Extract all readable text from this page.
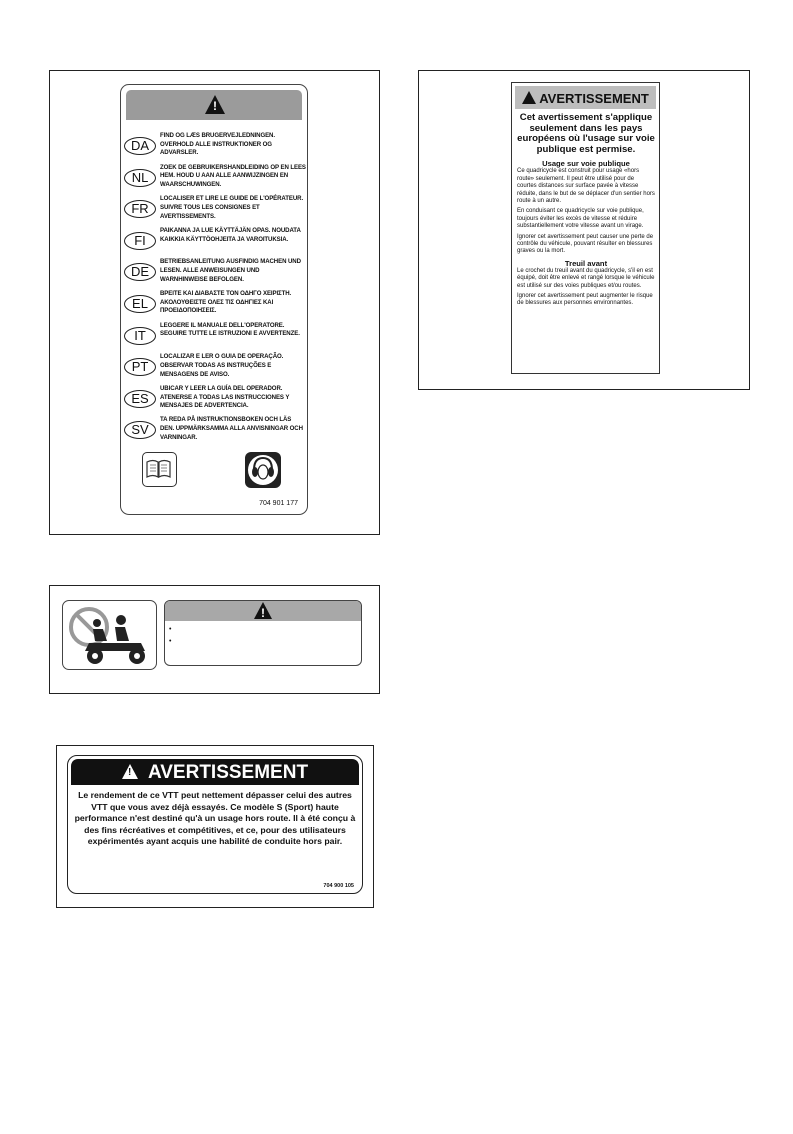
!
DA
FIND OG LÆS BRUGERVEJLEDNINGEN. OVERHOLD ALLE INSTRUKTIONER OG ADVARSLER.
NL
ZOEK DE GEBRUIKERSHANDLEIDING OP EN LEES HEM. HOUD U AAN ALLE AANWIJZINGEN EN WAARSCHUWINGEN.
FR
LOCALISER ET LIRE LE GUIDE DE L'OPÉRATEUR. SUIVRE TOUS LES CONSIGNES ET AVERTISSEMENTS.
FI
PAIKANNA JA LUE KÄYTTÄJÄN OPAS. NOUDATA KAIKKIA KÄYTTÖOHJEITA JA VAROITUKSIA.
DE
BETRIEBSANLEITUNG AUSFINDIG MACHEN UND LESEN. ALLE ANWEISUNGEN UND WARNHINWEISE BEFOLGEN.
EL
ΒΡΕΙΤΕ ΚΑΙ ΔΙΑΒΑΣΤΕ ΤΟΝ ΟΔΗΓΟ ΧΕΙΡΙΣΤΗ. ΑΚΟΛΟΥΘΕΙΣΤΕ ΟΛΕΣ ΤΙΣ ΟΔΗΓΙΕΣ ΚΑΙ ΠΡΟΕΙΔΟΠΟΙΗΣΕΙΣ.
IT
LEGGERE IL MANUALE DELL'OPERATORE. SEGUIRE TUTTE LE ISTRUZIONI E AVVERTENZE.
PT
LOCALIZAR E LER O GUIA DE OPERAÇÃO. OBSERVAR TODAS AS INSTRUÇÕES E MENSAGENS DE AVISO.
ES
UBICAR Y LEER LA GUÍA DEL OPERADOR. ATENERSE A TODAS LAS INSTRUCCIONES Y MENSAJES DE ADVERTENCIA.
SV
TA REDA PÅ INSTRUKTIONSBOKEN OCH LÄS DEN. UPPMÄRKSAMMA ALLA ANVISNINGAR OCH VARNINGAR.
704 901 177
AVERTISSEMENT
Cet avertissement s'applique seulement dans les pays européens où l'usage sur voie publique est permise.
Usage sur voie publique

Ce quadricycle est construit pour usage «hors route» seulement. Il peut être utilisé pour de courtes distances sur surface pavée à vitesse réduite, dans le but de se déplacer d'un sentier hors route à un autre.

En conduisant ce quadricycle sur voie publique, toujours éviter les excès de vitesse et réduire substantiellement votre vitesse avant un virage.

Ignorer cet avertissement peut causer une perte de contrôle du véhicule, pouvant résulter en blessures graves ou la mort.

Treuil avant

Le crochet du treuil avant du quadricycle, s'il en est équipé, doit être enlevé et rangé lorsque le véhicule est utilisé sur des voies publiques et/ou routes.

Ignorer cet avertissement peut augmenter le risque de blessures aux personnes environnantes.

!
•
•
!AVERTISSEMENT
Le rendement de ce VTT peut nettement dépasser celui des autres VTT que vous avez déjà essayés. Ce modèle S (Sport) haute performance n'est destiné qu'à un usage hors route. Il à été conçu à des fins récréatives et compétitives, et ce, pour des utilisateurs expérimentés ayant acquis une habilité de conduite hors pair.
704 900 105
